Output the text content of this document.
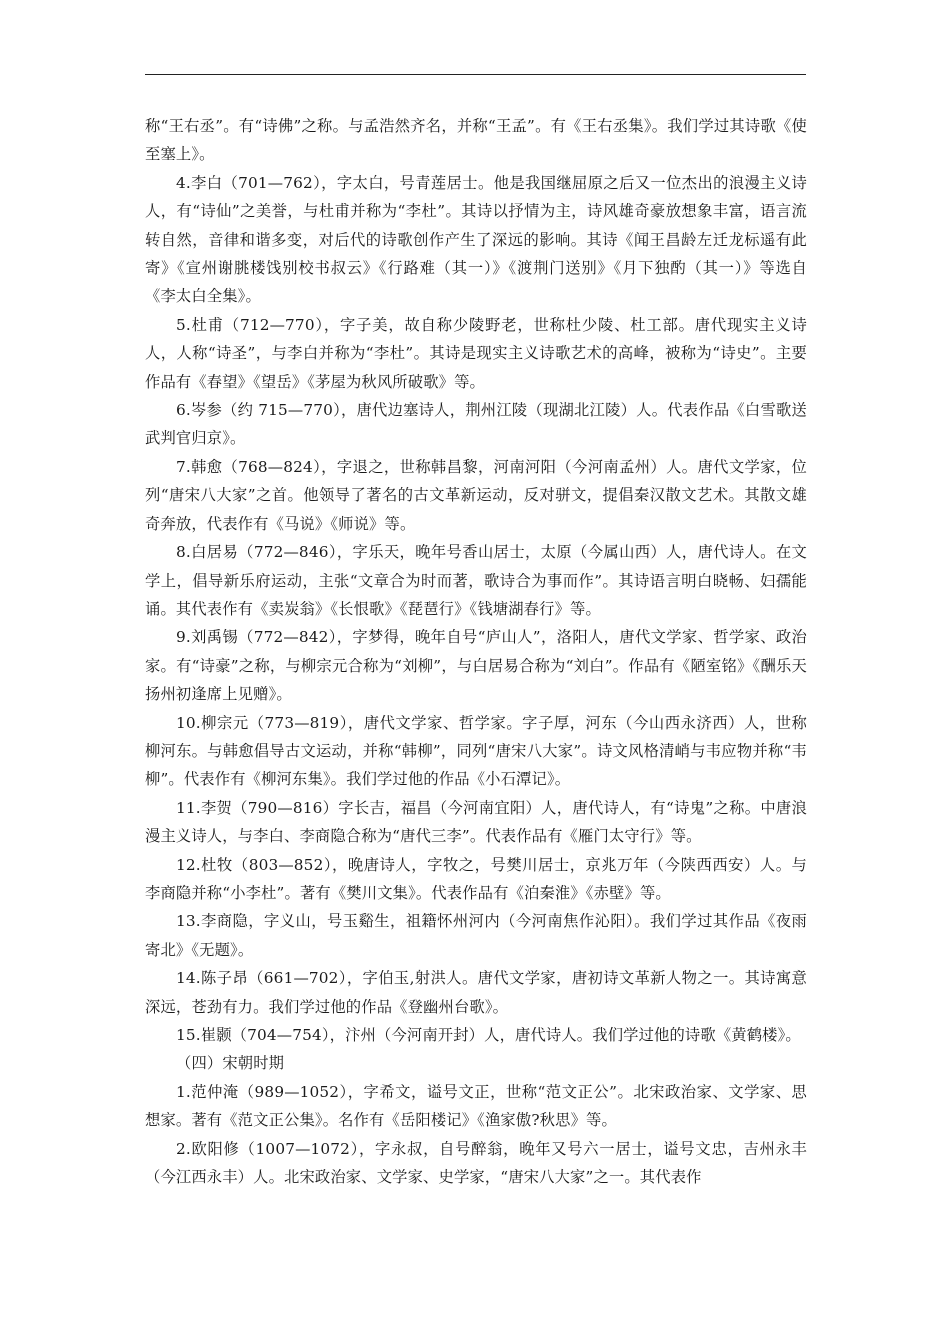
称“王右丞”。有“诗佛”之称。与孟浩然齐名，并称“王孟”。有《王右丞集》。我们学过其诗歌《使至塞上》。

4.李白（701—762），字太白，号青莲居士。他是我国继屈原之后又一位杰出的浪漫主义诗人，有“诗仙”之美誉，与杜甫并称为“李杜”。其诗以抒情为主，诗风雄奇豪放想象丰富，语言流转自然，音律和谐多变，对后代的诗歌创作产生了深远的影响。其诗《闻王昌龄左迁龙标遥有此寄》《宣州谢朓楼饯别校书叔云》《行路难（其一）》《渡荆门送别》《月下独酌（其一）》等选自《李太白全集》。

5.杜甫（712—770），字子美，故自称少陵野老，世称杜少陵、杜工部。唐代现实主义诗人，人称“诗圣”，与李白并称为“李杜”。其诗是现实主义诗歌艺术的高峰，被称为“诗史”。主要作品有《春望》《望岳》《茅屋为秋风所破歌》等。

6.岑参（约 715—770），唐代边塞诗人，荆州江陵（现湖北江陵）人。代表作品《白雪歌送武判官归京》。

7.韩愈（768—824），字退之，世称韩昌黎，河南河阳（今河南孟州）人。唐代文学家，位列“唐宋八大家”之首。他领导了著名的古文革新运动，反对骈文，提倡秦汉散文艺术。其散文雄奇奔放，代表作有《马说》《师说》等。

8.白居易（772—846），字乐天，晚年号香山居士，太原（今属山西）人，唐代诗人。在文学上，倡导新乐府运动，主张“文章合为时而著，歌诗合为事而作”。其诗语言明白晓畅、妇孺能诵。其代表作有《卖炭翁》《长恨歌》《琵琶行》《钱塘湖春行》等。

9.刘禹锡（772—842），字梦得，晚年自号“庐山人”，洛阳人，唐代文学家、哲学家、政治家。有“诗豪”之称，与柳宗元合称为“刘柳”，与白居易合称为“刘白”。作品有《陋室铭》《酬乐天扬州初逢席上见赠》。

10.柳宗元（773—819），唐代文学家、哲学家。字子厚，河东（今山西永济西）人，世称柳河东。与韩愈倡导古文运动，并称“韩柳”，同列“唐宋八大家”。诗文风格清峭与韦应物并称“韦柳”。代表作有《柳河东集》。我们学过他的作品《小石潭记》。

11.李贺（790—816）字长吉，福昌（今河南宜阳）人，唐代诗人，有“诗鬼”之称。中唐浪漫主义诗人，与李白、李商隐合称为“唐代三李”。代表作品有《雁门太守行》等。

12.杜牧（803—852），晚唐诗人，字牧之，号樊川居士，京兆万年（今陕西西安）人。与李商隐并称“小李杜”。著有《樊川文集》。代表作品有《泊秦淮》《赤壁》等。

13.李商隐，字义山，号玉谿生，祖籍怀州河内（今河南焦作沁阳）。我们学过其作品《夜雨寄北》《无题》。

14.陈子昂（661—702），字伯玉,射洪人。唐代文学家，唐初诗文革新人物之一。其诗寓意深远，苍劲有力。我们学过他的作品《登幽州台歌》。

15.崔颢（704—754），汴州（今河南开封）人，唐代诗人。我们学过他的诗歌《黄鹤楼》。

（四）宋朝时期

1.范仲淹（989—1052），字希文，谥号文正，世称“范文正公”。北宋政治家、文学家、思想家。著有《范文正公集》。名作有《岳阳楼记》《渔家傲?秋思》等。

2.欧阳修（1007—1072），字永叔，自号醉翁，晚年又号六一居士，谥号文忠，吉州永丰（今江西永丰）人。北宋政治家、文学家、史学家，“唐宋八大家”之一。其代表作
